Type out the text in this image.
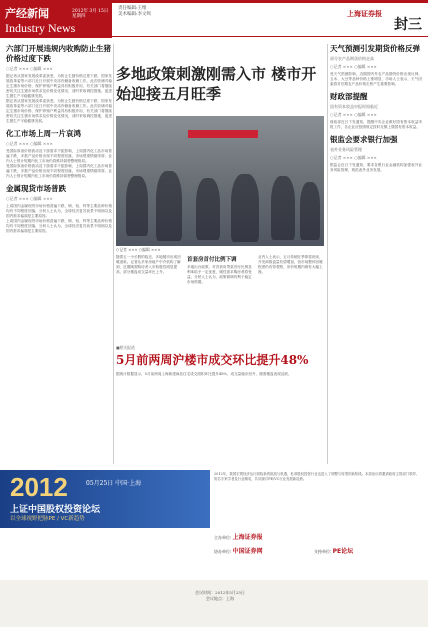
产经新闻
Industry News
2012年 3月 15日 星期四
责任编辑:王维
美术编辑:李文鸣	上海证券报
封三
六部门开展违规内收购防止生猪价格过度下跌
○记者 ××× ○编辑 ×××

据记者从国家发展改革委获悉，为防止生猪价格过度下跌，国家发展改革委等六部门近日开展中央冻肉储备收储工作。此次收储对稳定生猪市场价格、保护养殖户利益具有积极作用，有关部门将继续密切关注生猪市场供求及价格变化情况，适时采取调控措施，促进生猪生产平稳健康发展。

据记者从国家发展改革委获悉，为防止生猪价格过度下跌，国家发展改革委等六部门近日开展中央冻肉储备收储工作。此次收储对稳定生猪市场价格、保护养殖户利益具有积极作用，有关部门将继续密切关注生猪市场供求及价格变化情况，适时采取调控措施，促进生猪生产平稳健康发展。

化工市场上周一片哀鸿
○记者 ××× ○编辑 ×××

受国际原油价格波动及下游需求不振影响，上周国内化工品市场普遍下跌，多数产品价格出现不同程度回落，市场观望情绪浓厚，业内人士预计短期内化工市场仍将维持弱势整理格局。

受国际原油价格波动及下游需求不振影响，上周国内化工品市场普遍下跌，多数产品价格出现不同程度回落，市场观望情绪浓厚，业内人士预计短期内化工市场仍将维持弱势整理格局。

金属现货市场普跌
○记者 ××× ○编辑 ×××

上周国内金属现货市场价格普遍下跌，铜、铝、锌等主要品种价格均有不同程度回落，分析人士认为，全球经济复苏前景不明朗以及国内需求偏弱是主要原因。

上周国内金属现货市场价格普遍下跌，铜、铝、锌等主要品种价格均有不同程度回落，分析人士认为，全球经济复苏前景不明朗以及国内需求偏弱是主要原因。

多地政策刺激刚需入市 楼市开始迎接五月旺季
○记者 ××× ○编辑 ×××
随着五一小长假的临近，多地楼市出现回暖迹象。记者从多家房地产中介机构了解到，近期刚需购房者入市积极性明显提高，部分楼盘成交量环比上升。
首套房首付比例下调
多地出台政策，对首套房贷款首付比例及利率给予一定优惠，刚性需求购房者将受益。分析人士认为，政策微调有利于稳定市场预期。
业内人士表示，五月传统旺季即将到来，开发商推盘量有望增加，但市场整体回暖程度仍有待观察，房价短期内难有大幅上涨。
■相关报道
5月前两周沪楼市成交环比提升48%
据统计数据显示，5月前两周上海新建商品住宅成交面积环比提升48%，成交量稳步回升，刚需楼盘表现活跃。
天气预测引发期货价格反弹
部分农产品期货价格走高
○记者 ××× ○编辑 ×××

受天气预测影响，近期国内外农产品期货价格出现反弹，玉米、大豆等品种价格上涨明显，市场人士表示，天气因素将对后期农产品价格走势产生重要影响。

财政部提醒
国有资本收益申报时间临近
○记者 ××× ○编辑 ×××

财政部近日下发通知，提醒中央企业做好国有资本收益申报工作，各企业应按照规定按时足额上缴国有资本收益。

银监会要求银行加强
表外业务风险管理
○记者 ××× ○编辑 ×××

银监会近日下发通知，要求各银行业金融机构加强表外业务风险管理，规范表外业务发展。

2012	05月25日 中国·上海
上证中国股权投资论坛
以全球视野把脉PE / VC新趋势
2012年，我国宏观经济运行面临新的挑战与机遇，私募股权投资行业也进入了调整与转型的新阶段。本届论坛将邀请政府主管部门领导、知名专家学者及行业精英，共同探讨PE/VC行业发展新趋势。
主办单位: 上海证券报
协办单位: 中国证券网	支持单位: PE论坛
会议时间：2012年5月25日
会议地点：上海
